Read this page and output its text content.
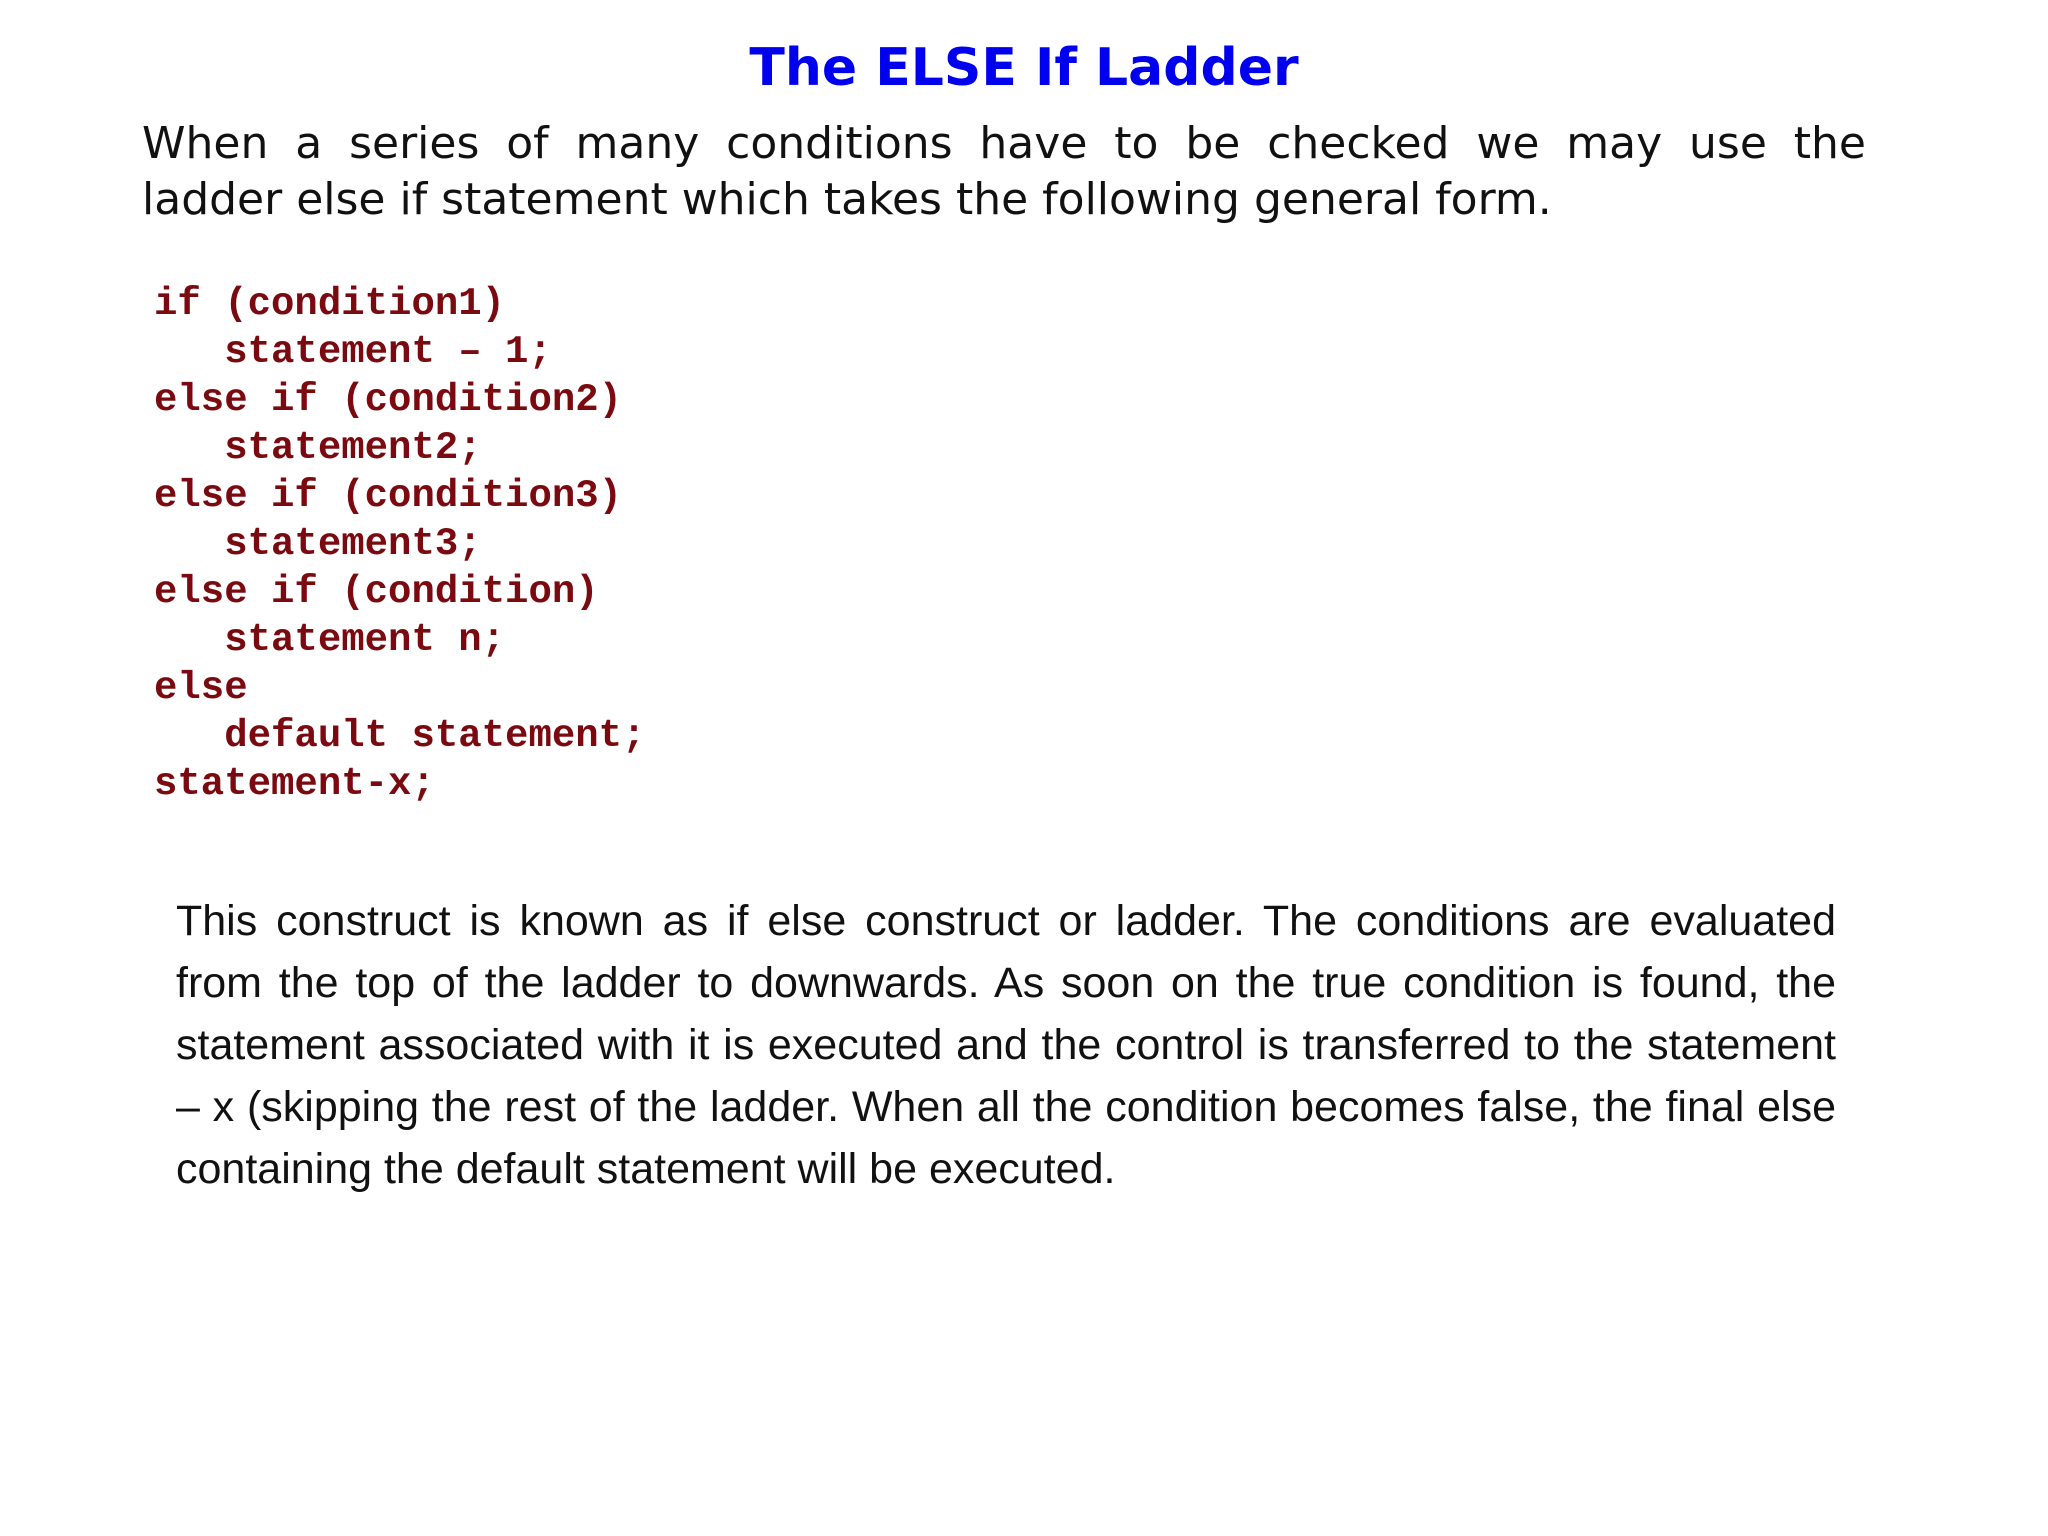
The ELSE If Ladder

When a series of many conditions have to be checked we may use the
ladder else if statement which takes the following general form.

if (condition1)
statement – 1;
else if (condition2)
statement2;
else if (condition3)
statement3;
else if (condition)
statement n;
else
default statement;
statement-x;

This construct is known as if else construct or ladder. The conditions are evaluated from the top of the ladder to downwards. As soon on the true condition is found, the statement associated with it is executed and the control is transferred to the statement – x (skipping the rest of the ladder. When all the condition becomes false, the final else containing the default statement will be executed.
